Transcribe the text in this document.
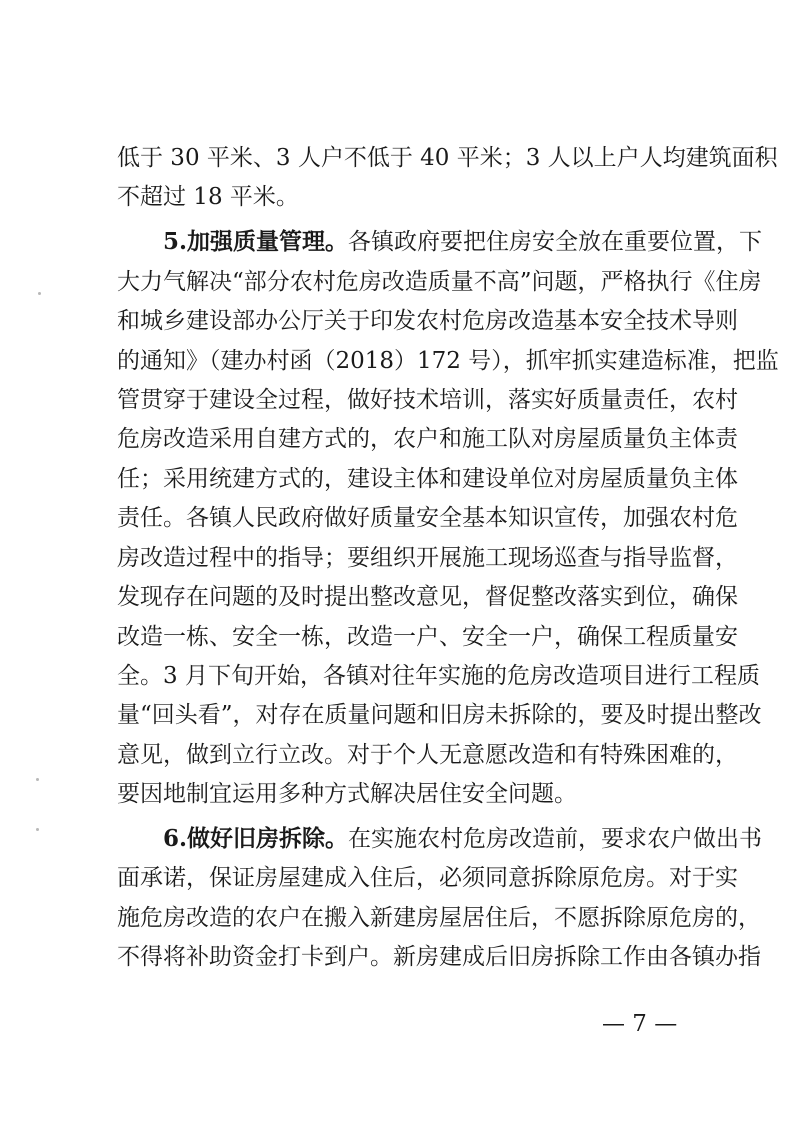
低于 30 平米、3 人户不低于 40 平米；3 人以上户人均建筑面积
不超过 18 平米。
5.加强质量管理。各镇政府要把住房安全放在重要位置，下
大力气解决“部分农村危房改造质量不高”问题，严格执行《住房
和城乡建设部办公厅关于印发农村危房改造基本安全技术导则
的通知》（建办村函（2018）172 号），抓牢抓实建造标准，把监
管贯穿于建设全过程，做好技术培训，落实好质量责任，农村
危房改造采用自建方式的，农户和施工队对房屋质量负主体责
任；采用统建方式的，建设主体和建设单位对房屋质量负主体
责任。各镇人民政府做好质量安全基本知识宣传，加强农村危
房改造过程中的指导；要组织开展施工现场巡查与指导监督，
发现存在问题的及时提出整改意见，督促整改落实到位，确保
改造一栋、安全一栋，改造一户、安全一户，确保工程质量安
全。3 月下旬开始，各镇对往年实施的危房改造项目进行工程质
量“回头看”，对存在质量问题和旧房未拆除的，要及时提出整改
意见，做到立行立改。对于个人无意愿改造和有特殊困难的，
要因地制宜运用多种方式解决居住安全问题。
6.做好旧房拆除。在实施农村危房改造前，要求农户做出书
面承诺，保证房屋建成入住后，必须同意拆除原危房。对于实
施危房改造的农户在搬入新建房屋居住后，不愿拆除原危房的，
不得将补助资金打卡到户。新房建成后旧房拆除工作由各镇办指
— 7 —
